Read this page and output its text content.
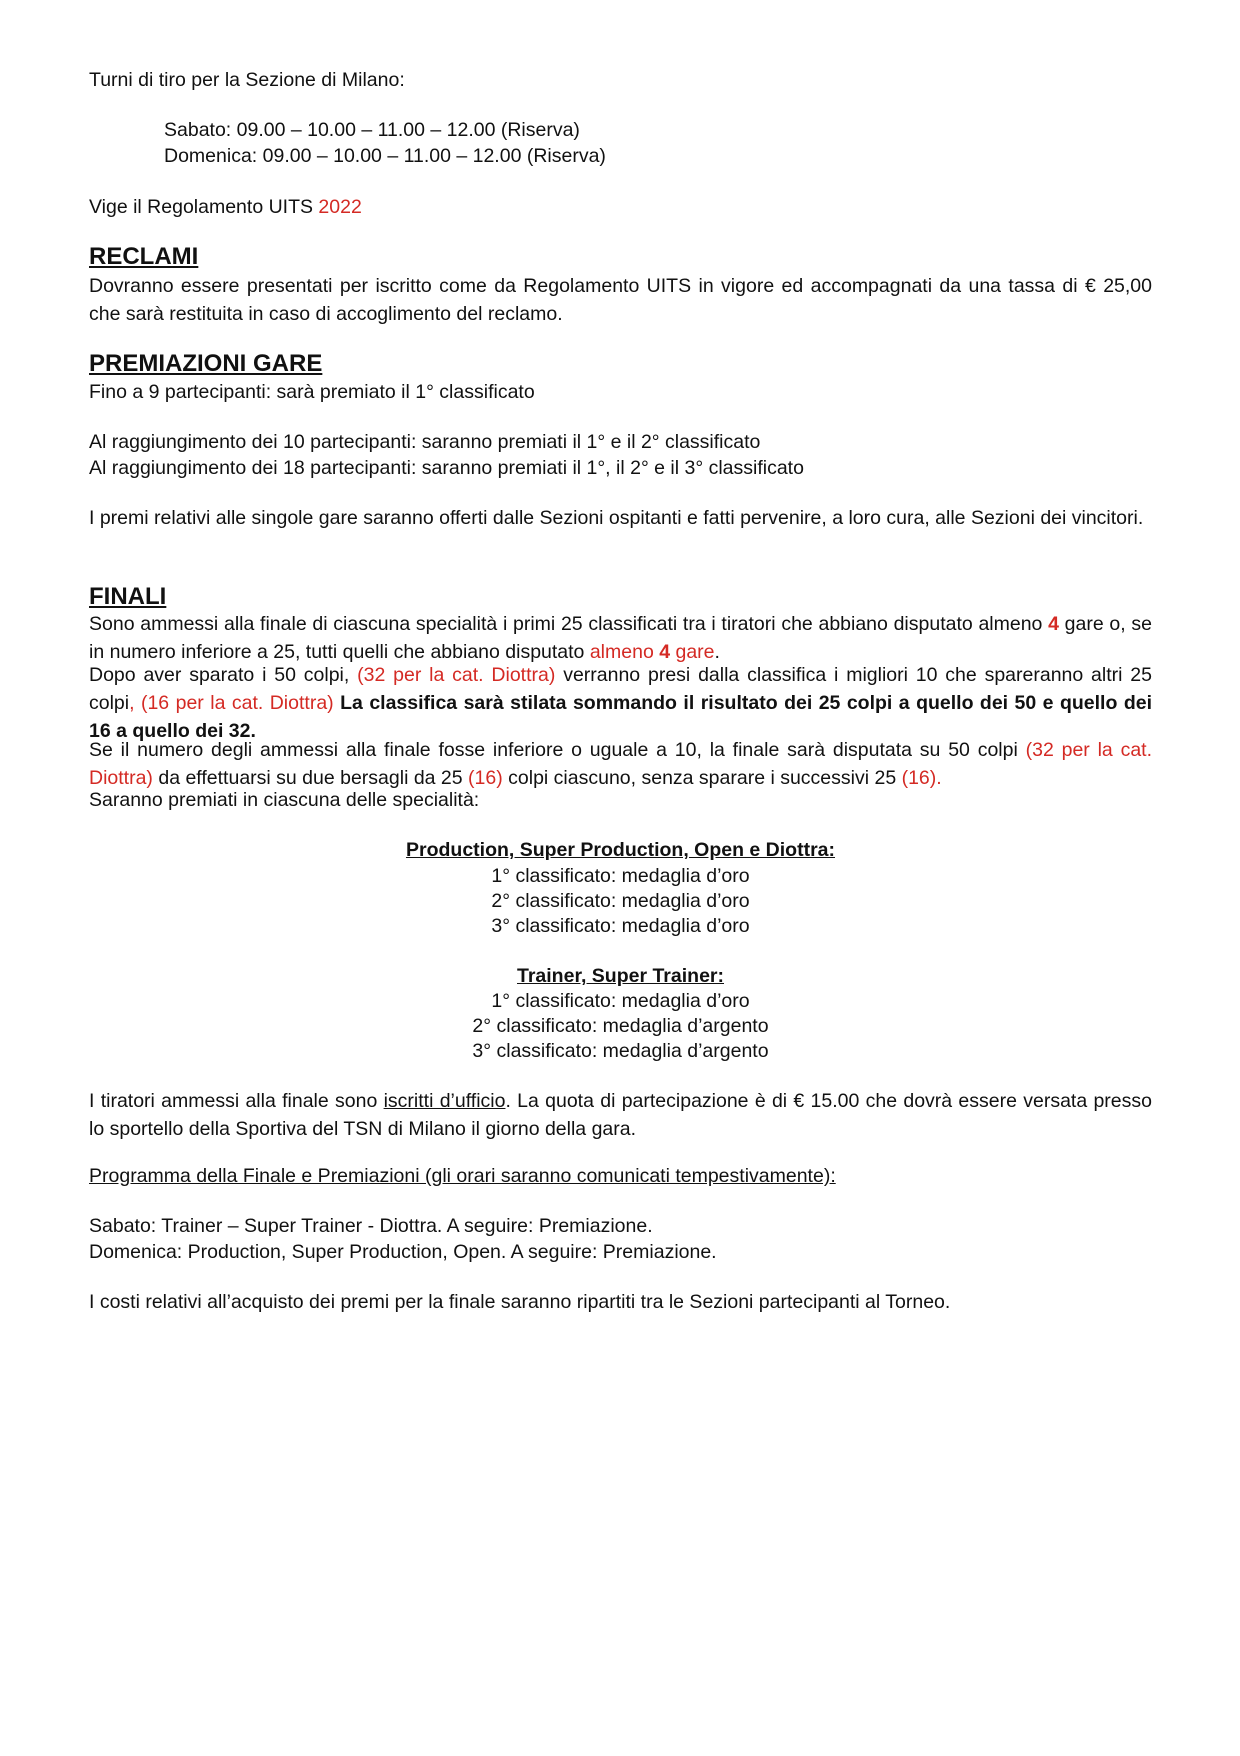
Turni di tiro per la Sezione di Milano:

Sabato: 09.00 – 10.00 – 11.00 – 12.00 (Riserva)

Domenica: 09.00 – 10.00 – 11.00 – 12.00 (Riserva)

Vige il Regolamento UITS 2022

RECLAMI

Dovranno essere presentati per iscritto come da Regolamento UITS in vigore ed accompagnati da una tassa di € 25,00 che sarà restituita in caso di accoglimento del reclamo.

PREMIAZIONI GARE

Fino a 9 partecipanti: sarà premiato il 1° classificato

Al raggiungimento dei 10 partecipanti: saranno premiati il 1° e il 2° classificato

Al raggiungimento dei 18 partecipanti: saranno premiati il 1°, il 2° e il 3° classificato

I premi relativi alle singole gare saranno offerti dalle Sezioni ospitanti e fatti pervenire, a loro cura, alle Sezioni dei vincitori.

FINALI

Sono ammessi alla finale di ciascuna specialità i primi 25 classificati tra i tiratori che abbiano disputato almeno 4 gare o, se in numero inferiore a 25, tutti quelli che abbiano disputato almeno 4 gare.

Dopo aver sparato i 50 colpi, (32 per la cat. Diottra) verranno presi dalla classifica i migliori 10 che spareranno altri 25 colpi, (16 per la cat. Diottra) La classifica sarà stilata sommando il risultato dei 25 colpi a quello dei 50 e quello dei 16 a quello dei 32.

Se il numero degli ammessi alla finale fosse inferiore o uguale a 10, la finale sarà disputata su 50 colpi (32 per la cat. Diottra) da effettuarsi su due bersagli da 25 (16) colpi ciascuno, senza sparare i successivi 25 (16).

Saranno premiati in ciascuna delle specialità:

Production, Super Production, Open e Diottra:

1° classificato: medaglia d’oro

2° classificato: medaglia d’oro

3° classificato: medaglia d’oro

Trainer, Super Trainer:

1° classificato: medaglia d’oro

2° classificato: medaglia d’argento

3° classificato: medaglia d’argento

I tiratori ammessi alla finale sono iscritti d’ufficio. La quota di partecipazione è di € 15.00 che dovrà essere versata presso lo sportello della Sportiva del TSN di Milano il giorno della gara.

Programma della Finale e Premiazioni (gli orari saranno comunicati tempestivamente):

Sabato: Trainer – Super Trainer - Diottra. A seguire: Premiazione.

Domenica: Production, Super Production, Open. A seguire: Premiazione.

I costi relativi all’acquisto dei premi per la finale saranno ripartiti tra le Sezioni partecipanti al Torneo.
